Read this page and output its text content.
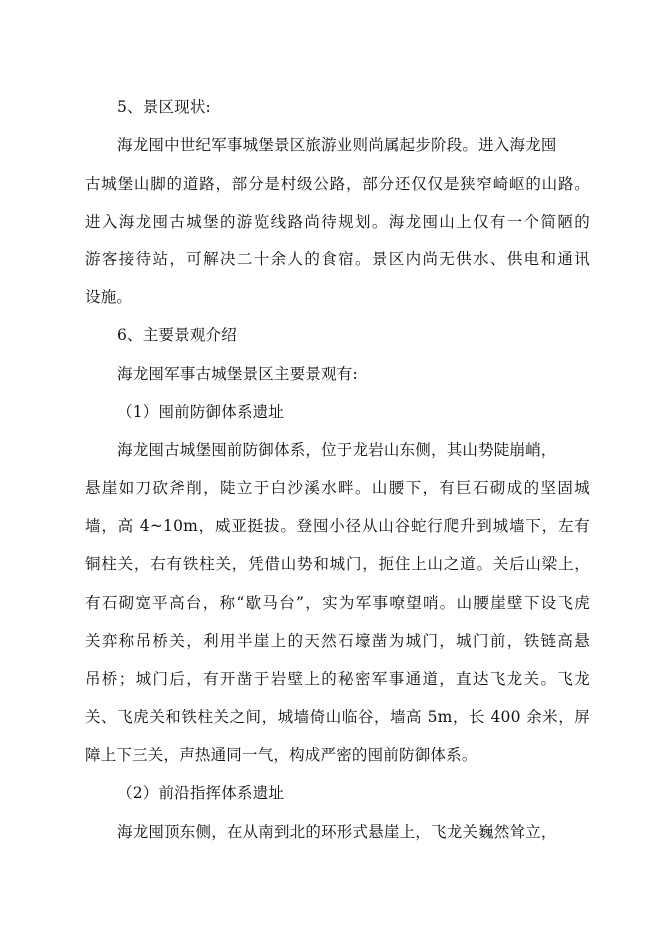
5、景区现状:
海龙囤中世纪军事城堡景区旅游业则尚属起步阶段。进入海龙囤
古城堡山脚的道路，部分是村级公路，部分还仅仅是狭窄崎岖的山路。
进入海龙囤古城堡的游览线路尚待规划。海龙囤山上仅有一个简陋的
游客接待站，可解决二十余人的食宿。景区内尚无供水、供电和通讯
设施。
6、主要景观介绍
海龙囤军事古城堡景区主要景观有:
（1）囤前防御体系遗址
海龙囤古城堡囤前防御体系，位于龙岩山东侧，其山势陡崩峭，
悬崖如刀砍斧削，陡立于白沙溪水畔。山腰下，有巨石砌成的坚固城
墙，高 4~10m，威亚挺拔。登囤小径从山谷蛇行爬升到城墙下，左有
铜柱关，右有铁柱关，凭借山势和城门，扼住上山之道。关后山梁上，
有石砌宽平高台，称“歇马台”，实为军事嘹望哨。山腰崖壁下设飞虎
关弈称吊桥关，利用半崖上的天然石壕凿为城门，城门前，铁链高悬
吊桥；城门后，有开凿于岩壁上的秘密军事通道，直达飞龙关。飞龙
关、飞虎关和铁柱关之间，城墙倚山临谷，墙高 5m，长 400 余米，屏
障上下三关，声热通同一气，构成严密的囤前防御体系。
（2）前沿指挥体系遗址
海龙囤顶东侧，在从南到北的环形式悬崖上，飞龙关巍然耸立，
